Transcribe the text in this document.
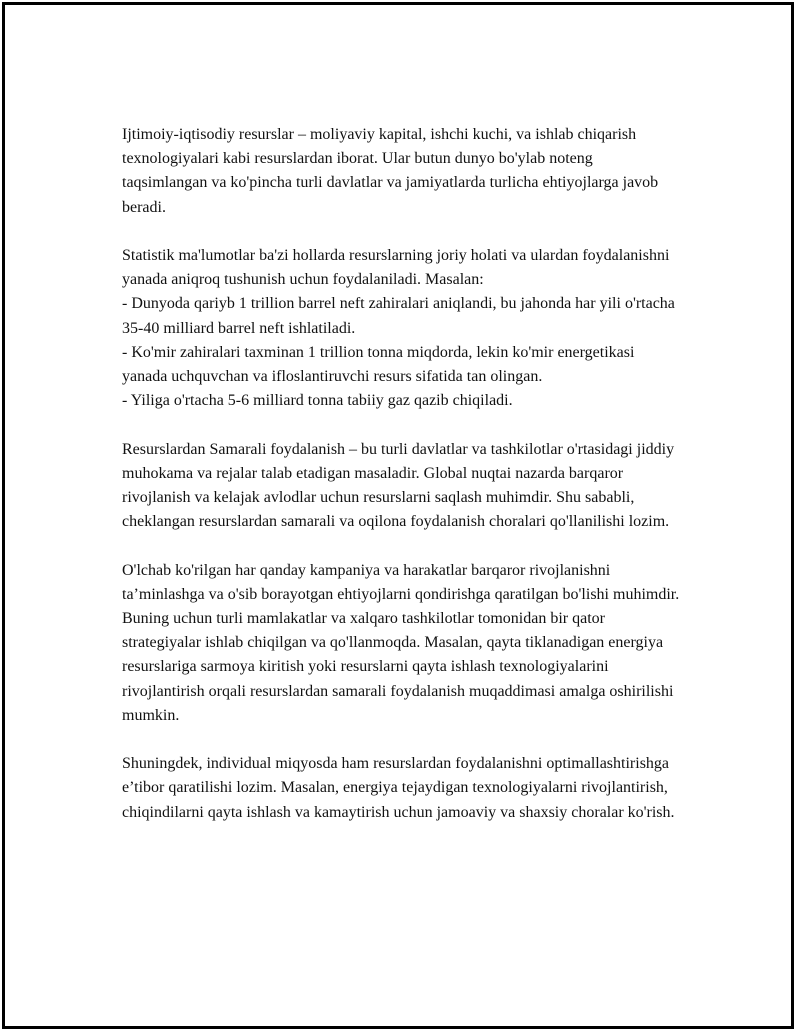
Ijtimoiy-iqtisodiy resurslar – moliyaviy kapital, ishchi kuchi, va ishlab chiqarish texnologiyalari kabi resurslardan iborat. Ular butun dunyo bo'ylab noteng taqsimlangan va ko'pincha turli davlatlar va jamiyatlarda turlicha ehtiyojlarga javob beradi.

Statistik ma'lumotlar ba'zi hollarda resurslarning joriy holati va ulardan foydalanishni yanada aniqroq tushunish uchun foydalaniladi. Masalan:
- Dunyoda qariyb 1 trillion barrel neft zahiralari aniqlandi, bu jahonda har yili o'rtacha 35-40 milliard barrel neft ishlatiladi.
- Ko'mir zahiralari taxminan 1 trillion tonna miqdorda, lekin ko'mir energetikasi yanada uchquvchan va ifloslantiruvchi resurs sifatida tan olingan.
- Yiliga o'rtacha 5-6 milliard tonna tabiiy gaz qazib chiqiladi.

Resurslardan Samarali foydalanish – bu turli davlatlar va tashkilotlar o'rtasidagi jiddiy muhokama va rejalar talab etadigan masaladir. Global nuqtai nazarda barqaror rivojlanish va kelajak avlodlar uchun resurslarni saqlash muhimdir. Shu sababli, cheklangan resurslardan samarali va oqilona foydalanish choralari qo'llanilishi lozim.

O'lchab ko'rilgan har qanday kampaniya va harakatlar barqaror rivojlanishni ta’minlashga va o'sib borayotgan ehtiyojlarni qondirishga qaratilgan bo'lishi muhimdir. Buning uchun turli mamlakatlar va xalqaro tashkilotlar tomonidan bir qator strategiyalar ishlab chiqilgan va qo'llanmoqda. Masalan, qayta tiklanadigan energiya resurslariga sarmoya kiritish yoki resurslarni qayta ishlash texnologiyalarini rivojlantirish orqali resurslardan samarali foydalanish muqaddimasi amalga oshirilishi mumkin.

Shuningdek, individual miqyosda ham resurslardan foydalanishni optimallashtirishga e’tibor qaratilishi lozim. Masalan, energiya tejaydigan texnologiyalarni rivojlantirish, chiqindilarni qayta ishlash va kamaytirish uchun jamoaviy va shaxsiy choralar ko'rish.
